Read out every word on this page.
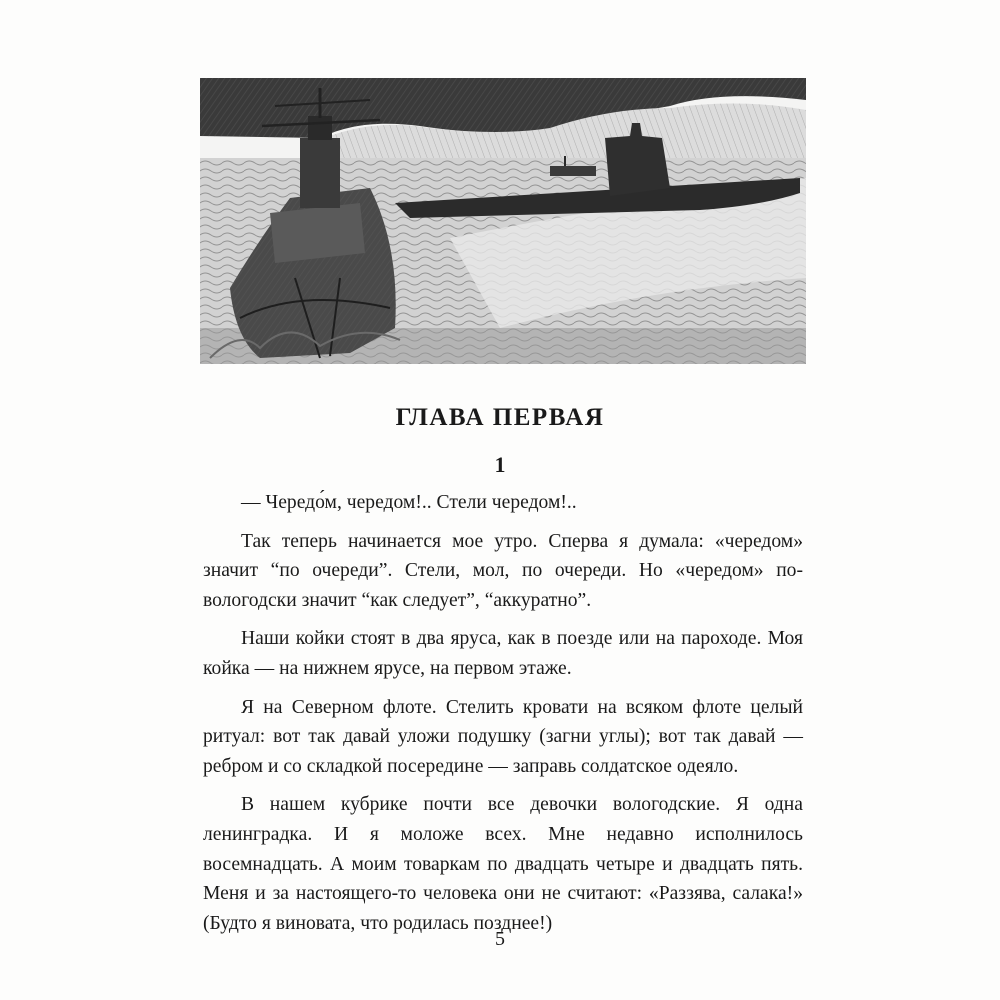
ГЛАВА ПЕРВАЯ
1

— Чередо́м, чередом!.. Стели чередом!..

Так теперь начинается мое утро. Сперва я думала: «чередом» значит “по очереди”. Стели, мол, по очереди. Но «чередом» по-вологодски значит “как следует”, “аккуратно”.

Наши койки стоят в два яруса, как в поезде или на пароходе. Моя койка — на нижнем ярусе, на первом этаже.

Я на Северном флоте. Стелить кровати на всяком флоте целый ритуал: вот так давай уложи подушку (загни углы); вот так давай — ребром и со складкой посередине — заправь солдатское одеяло.

В нашем кубрике почти все девочки вологодские. Я одна ленинградка. И я моложе всех. Мне недавно исполнилось восемнадцать. А моим товаркам по двадцать четыре и двадцать пять. Меня и за настоящего-то человека они не считают: «Раззява, салака!» (Будто я виновата, что родилась позднее!)

5
